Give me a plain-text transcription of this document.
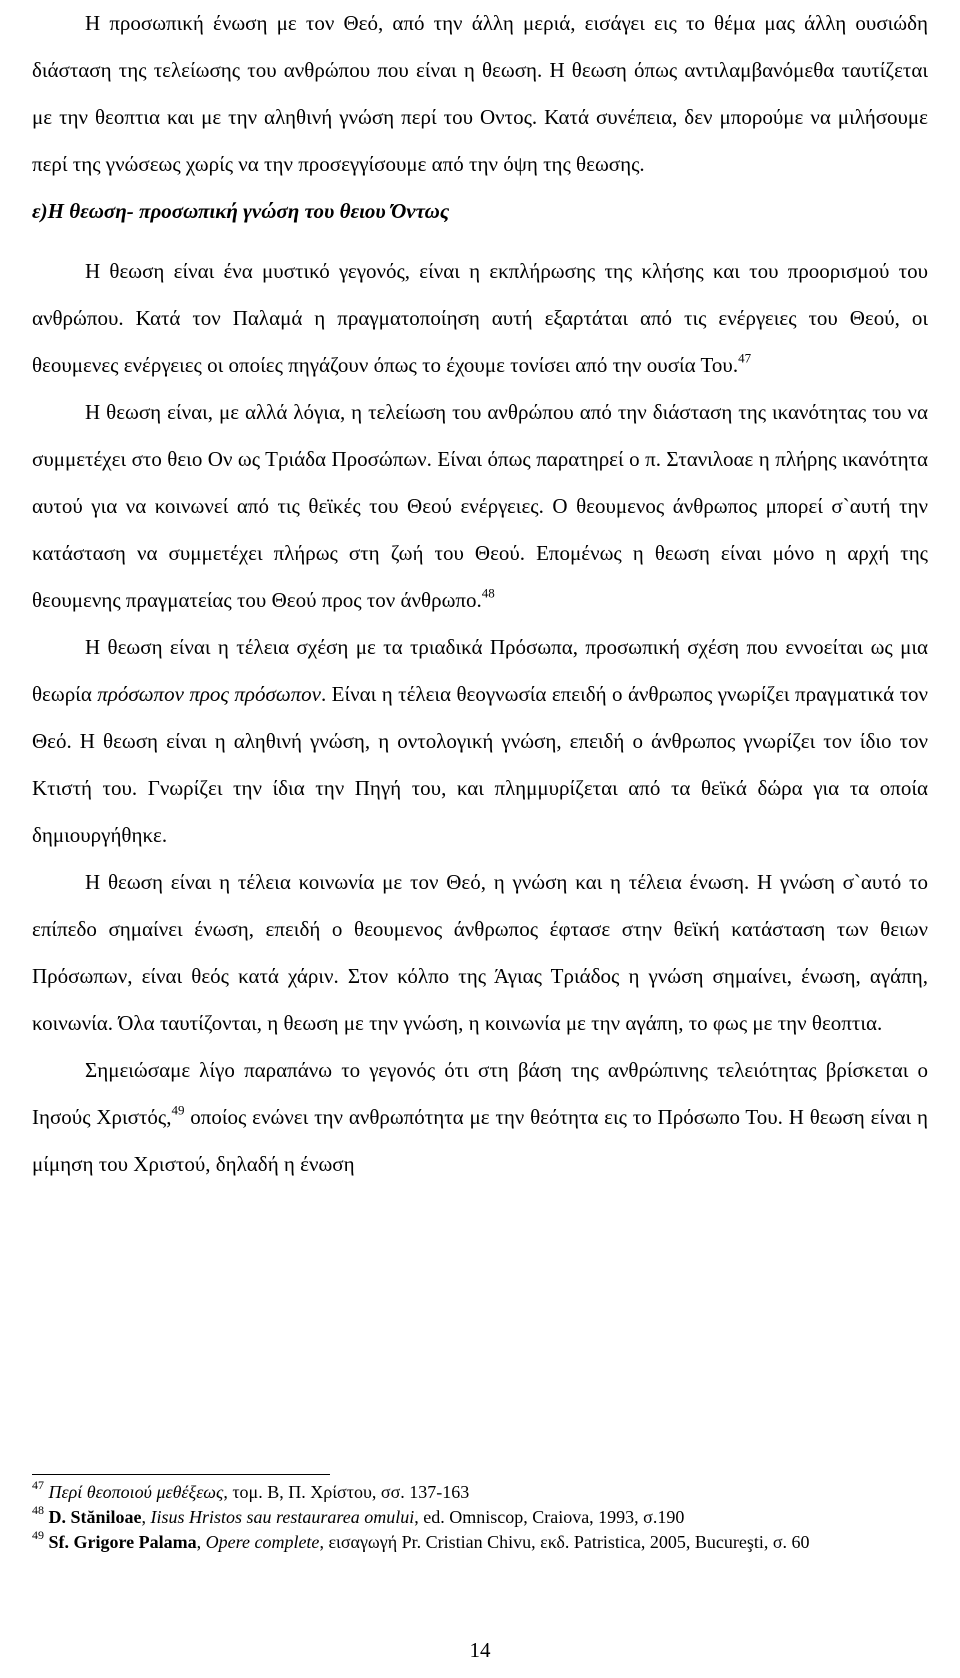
Η προσωπική ένωση με τον Θεό, από την άλλη μεριά, εισάγει εις το θέμα μας άλλη ουσιώδη διάσταση της τελείωσης του ανθρώπου που είναι η θεωση. Η θεωση όπως αντιλαμβανόμεθα ταυτίζεται με την θεοπτια και με την αληθινή γνώση περί του Οντος. Κατά συνέπεια, δεν μπορούμε να μιλήσουμε περί της γνώσεως χωρίς να την προσεγγίσουμε από την όψη της θεωσης.

ε)Η θεωση- προσωπική γνώση του θειου Όντως

Η θεωση είναι ένα μυστικό γεγονός, είναι η εκπλήρωσης της κλήσης και του προορισμού του ανθρώπου. Κατά τον Παλαμά η πραγματοποίηση αυτή εξαρτάται από τις ενέργειες του Θεού, οι θεουμενες ενέργειες οι οποίες πηγάζουν όπως το έχουμε τονίσει από την ουσία Του.$^{47}$

Η θεωση είναι, με αλλά λόγια, η τελείωση του ανθρώπου από την διάσταση της ικανότητας του να συμμετέχει στο θειο Ον ως Τριάδα Προσώπων. Είναι όπως παρατηρεί ο π. Στανιλοαε η πλήρης ικανότητα αυτού για να κοινωνεί από τις θεϊκές του Θεού ενέργειες. Ο θεουμενος άνθρωπος μπορεί σ`αυτή την κατάσταση να συμμετέχει πλήρως στη ζωή του Θεού. Επομένως η θεωση είναι μόνο η αρχή της θεουμενης πραγματείας του Θεού προς τον άνθρωπο.$^{48}$

Η θεωση είναι η τέλεια σχέση με τα τριαδικά Πρόσωπα, προσωπική σχέση που εννοείται ως μια θεωρία πρόσωπον προς πρόσωπον. Είναι η τέλεια θεογνωσία επειδή ο άνθρωπος γνωρίζει πραγματικά τον Θεό. Η θεωση είναι η αληθινή γνώση, η οντολογική γνώση, επειδή ο άνθρωπος γνωρίζει τον ίδιο τον Κτιστή του. Γνωρίζει την ίδια την Πηγή του, και πλημμυρίζεται από τα θεϊκά δώρα για τα οποία δημιουργήθηκε.

Η θεωση είναι η τέλεια κοινωνία με τον Θεό, η γνώση και η τέλεια ένωση. Η γνώση σ`αυτό το επίπεδο σημαίνει ένωση, επειδή ο θεουμενος άνθρωπος έφτασε στην θεϊκή κατάσταση των θειων Πρόσωπων, είναι θεός κατά χάριν. Στον κόλπο της Άγιας Τριάδος η γνώση σημαίνει, ένωση, αγάπη, κοινωνία. Όλα ταυτίζονται, η θεωση με την γνώση, η κοινωνία με την αγάπη, το φως με την θεοπτια.

Σημειώσαμε λίγο παραπάνω το γεγονός ότι στη βάση της ανθρώπινης τελειότητας βρίσκεται ο Ιησούς Χριστός,$^{49}$ οποίος ενώνει την ανθρωπότητα με την θεότητα εις το Πρόσωπο Του. Η θεωση είναι η μίμηση του Χριστού, δηλαδή η ένωση

$^{47}$ Περί θεοποιού μεθέξεως, τομ. Β, Π. Χρίστου, σσ. 137-163

$^{48}$ D. Stăniloae, Iisus Hristos sau restaurarea omului, ed. Omniscop, Craiova, 1993, σ.190

$^{49}$ Sf. Grigore Palama, Opere complete, εισαγωγή Pr. Cristian Chivu, εκδ. Patristica, 2005, Bucureşti, σ. 60

14
